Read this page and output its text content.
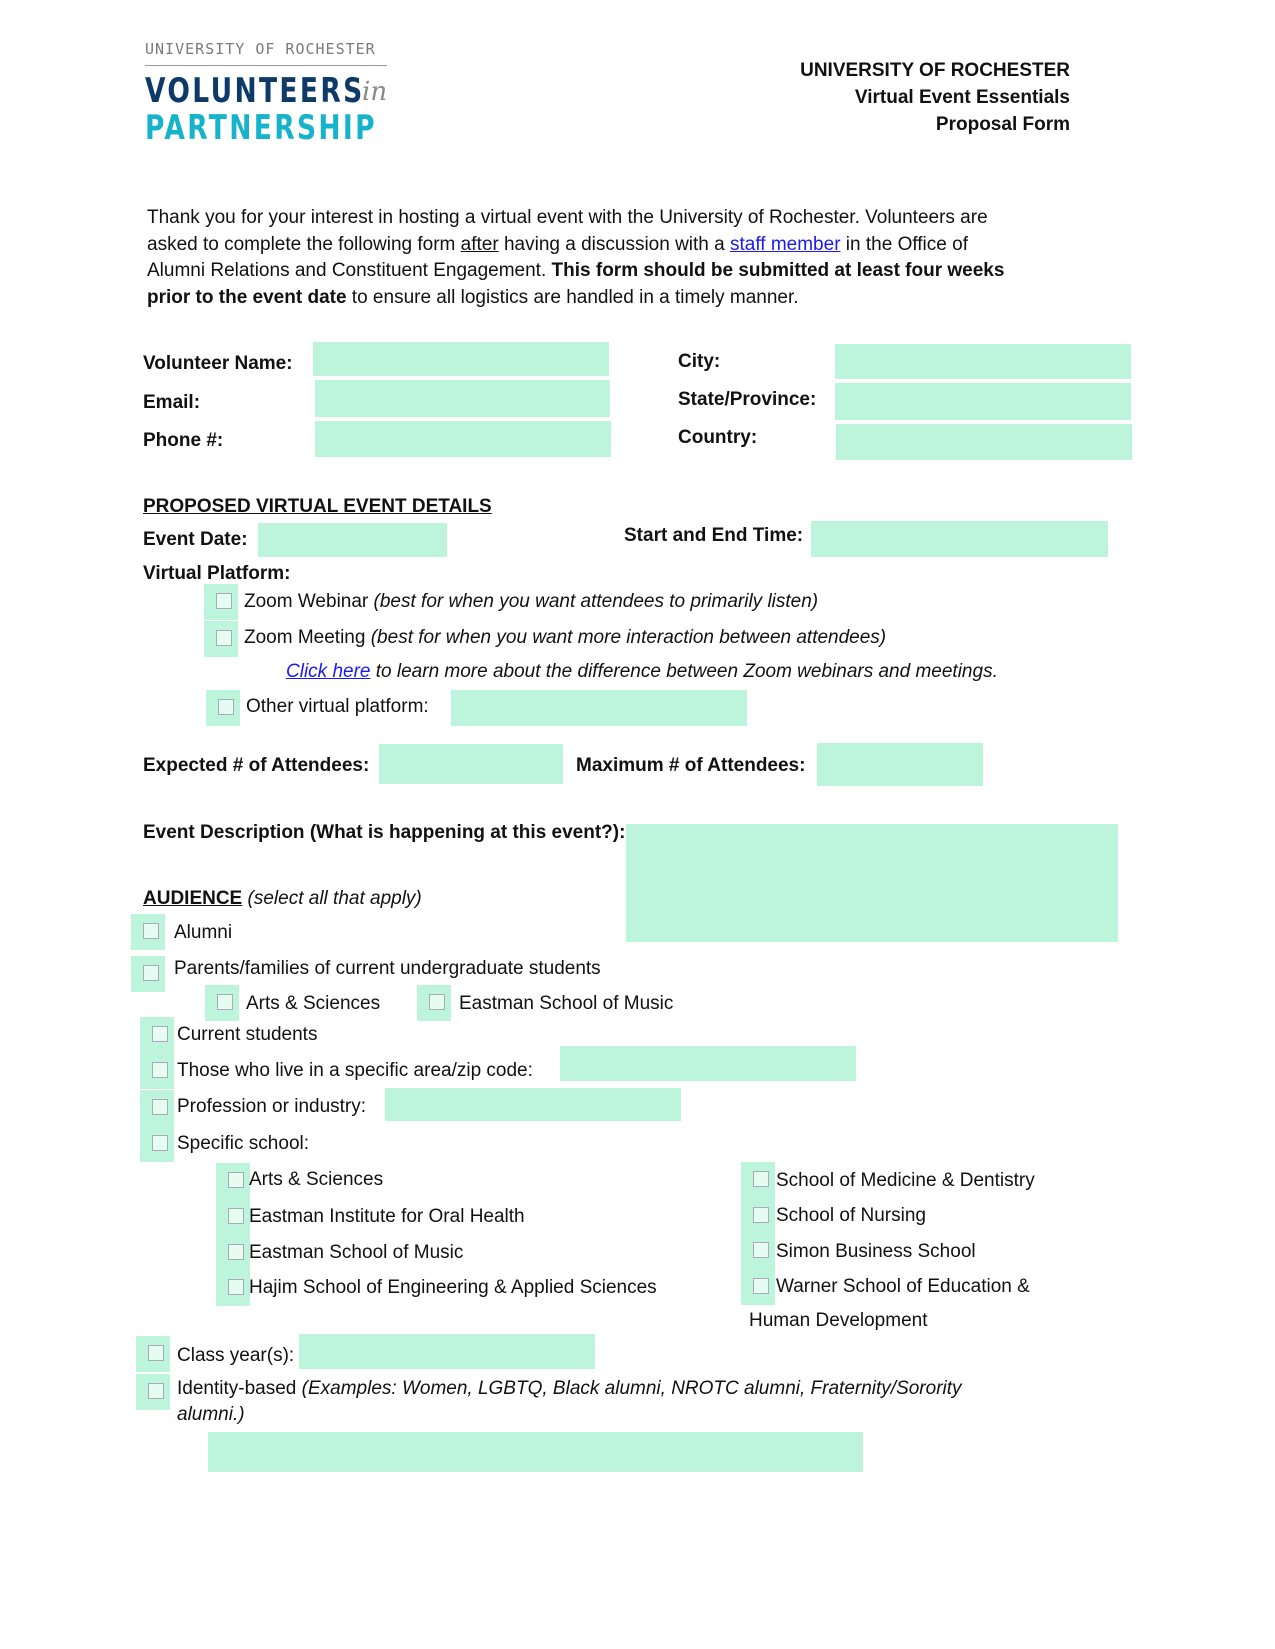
UNIVERSITY OF ROCHESTER
VOLUNTEERS
in
PARTNERSHIP
UNIVERSITY OF ROCHESTER
Virtual Event Essentials
Proposal Form
Thank you for your interest in hosting a virtual event with the University of Rochester. Volunteers are
asked to complete the following form after having a discussion with a staff member in the Office of
Alumni Relations and Constituent Engagement. This form should be submitted at least four weeks
prior to the event date to ensure all logistics are handled in a timely manner.
Volunteer Name:
Email:
Phone #:
City:
State/Province:
Country:
PROPOSED VIRTUAL EVENT DETAILS
Event Date:	Start and End Time:
Virtual Platform:
Zoom Webinar (best for when you want attendees to primarily listen)
Zoom Meeting (best for when you want more interaction between attendees)
Click here to learn more about the difference between Zoom webinars and meetings.
Other virtual platform:
Expected # of Attendees:	Maximum # of Attendees:
Event Description (What is happening at this event?):
AUDIENCE (select all that apply)
Alumni
Parents/families of current undergraduate students
Arts & Sciences	Eastman School of Music
Current students
Those who live in a specific area/zip code:
Profession or industry:
Specific school:
Arts & Sciences
Eastman Institute for Oral Health
Eastman School of Music
Hajim School of Engineering & Applied Sciences
School of Medicine & Dentistry
School of Nursing
Simon Business School
Warner School of Education &
Human Development
Class year(s):
Identity-based (Examples: Women, LGBTQ, Black alumni, NROTC alumni, Fraternity/Sorority
alumni.)
